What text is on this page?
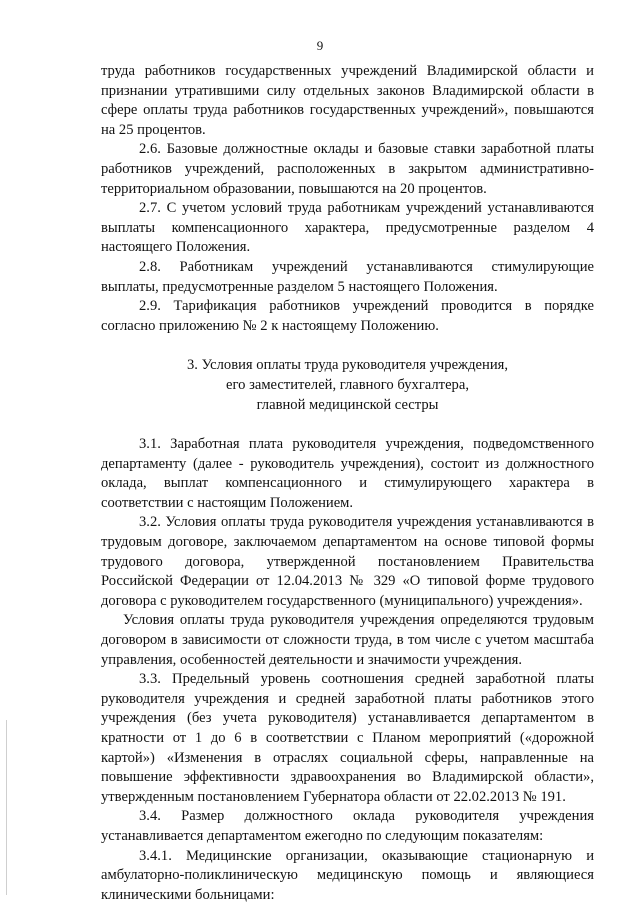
9

труда работников государственных учреждений Владимирской области и признании утратившими силу отдельных законов Владимирской области в сфере оплаты труда работников государственных учреждений», повышаются на 25 процентов.

2.6. Базовые должностные оклады и базовые ставки заработной платы работников учреждений, расположенных в закрытом административно-территориальном образовании, повышаются на 20 процентов.

2.7. С учетом условий труда работникам учреждений устанавливаются выплаты компенсационного характера, предусмотренные разделом 4 настоящего Положения.

2.8. Работникам учреждений устанавливаются стимулирующие выплаты, предусмотренные разделом 5 настоящего Положения.

2.9. Тарификация работников учреждений проводится в порядке согласно приложению № 2 к настоящему Положению.

3. Условия оплаты труда руководителя учреждения,
его заместителей, главного бухгалтера,
главной медицинской сестры

3.1. Заработная плата руководителя учреждения, подведомственного департаменту (далее - руководитель учреждения), состоит из должностного оклада, выплат компенсационного и стимулирующего характера в соответствии с настоящим Положением.

3.2. Условия оплаты труда руководителя учреждения устанавливаются в трудовым договоре, заключаемом департаментом на основе типовой формы трудового договора, утвержденной постановлением Правительства Российской Федерации от 12.04.2013 № 329 «О типовой форме трудового договора с руководителем государственного (муниципального) учреждения».

Условия оплаты труда руководителя учреждения определяются трудовым договором в зависимости от сложности труда, в том числе с учетом масштаба управления, особенностей деятельности и значимости учреждения.

3.3. Предельный уровень соотношения средней заработной платы руководителя учреждения и средней заработной платы работников этого учреждения (без учета руководителя) устанавливается департаментом в кратности от 1 до 6 в соответствии с Планом мероприятий («дорожной картой») «Изменения в отраслях социальной сферы, направленные на повышение эффективности здравоохранения во Владимирской области», утвержденным постановлением Губернатора области от 22.02.2013 № 191.

3.4. Размер должностного оклада руководителя учреждения устанавливается департаментом ежегодно по следующим показателям:

3.4.1. Медицинские организации, оказывающие стационарную и амбулаторно-поликлиническую медицинскую помощь и являющиеся клиническими больницами:
